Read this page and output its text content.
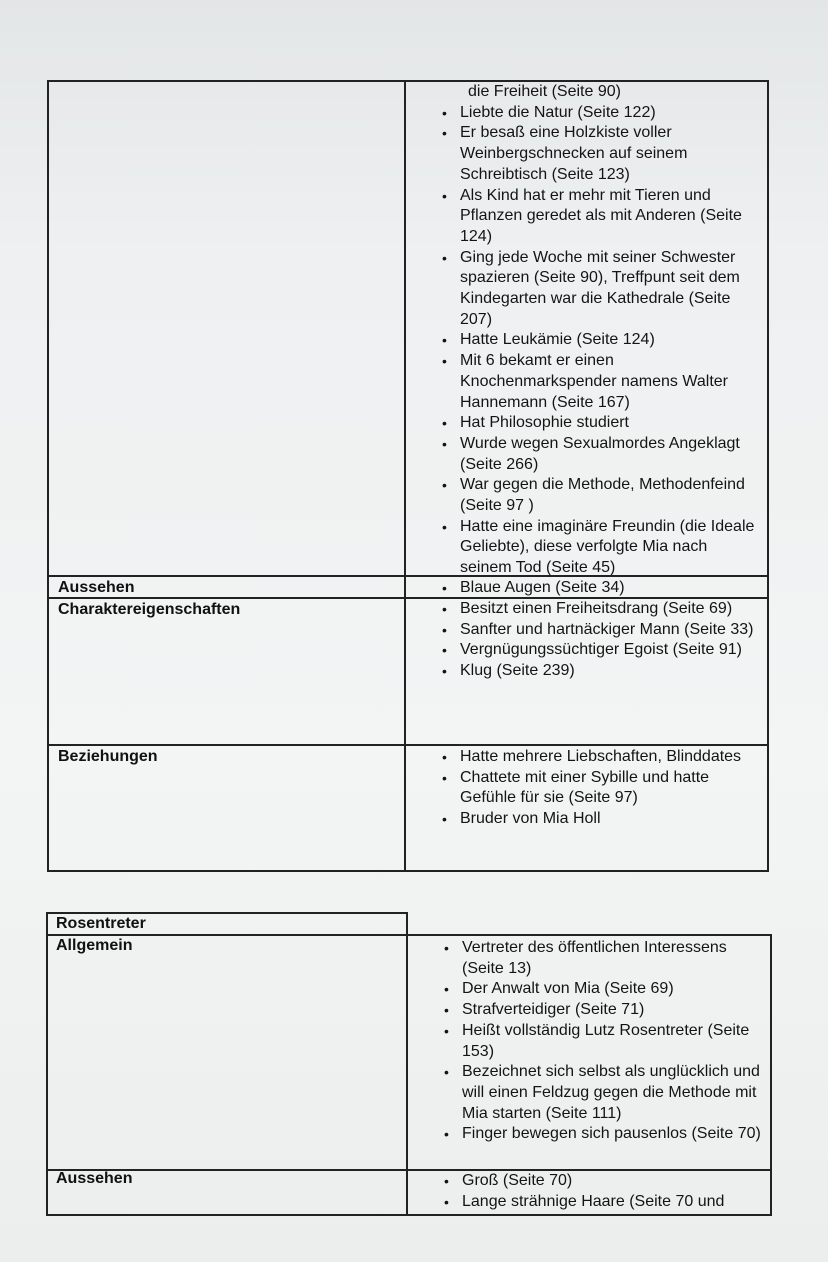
die Freiheit (Seite 90)
• Liebte die Natur (Seite 122)
• Er besaß eine Holzkiste voller Weinbergschnecken auf seinem Schreibtisch (Seite 123)
• Als Kind hat er mehr mit Tieren und Pflanzen geredet als mit Anderen (Seite 124)
• Ging jede Woche mit seiner Schwester spazieren (Seite 90), Treffpunt seit dem Kindegarten war die Kathedrale (Seite 207)
• Hatte Leukämie (Seite 124)
• Mit 6 bekamt er einen Knochenmarkspender namens Walter Hannemann (Seite 167)
• Hat Philosophie studiert
• Wurde wegen Sexualmordes Angeklagt (Seite 266)
• War gegen die Methode, Methodenfeind (Seite 97 )
• Hatte eine imaginäre Freundin (die Ideale Geliebte), diese verfolgte Mia nach seinem Tod (Seite 45)
Aussehen	• Blaue Augen (Seite 34)
Charaktereigenschaften	• Besitzt einen Freiheitsdrang (Seite 69)
• Sanfter und hartnäckiger Mann (Seite 33)
• Vergnügungssüchtiger Egoist (Seite 91)
• Klug (Seite 239)
Beziehungen	• Hatte mehrere Liebschaften, Blinddates
• Chattete mit einer Sybille und hatte Gefühle für sie (Seite 97)
• Bruder von Mia Holl
Rosentreter
Allgemein	• Vertreter des öffentlichen Interessens (Seite 13)
• Der Anwalt von Mia (Seite 69)
• Strafverteidiger (Seite 71)
• Heißt vollständig Lutz Rosentreter (Seite 153)
• Bezeichnet sich selbst als unglücklich und will einen Feldzug gegen die Methode mit Mia starten (Seite 111)
• Finger bewegen sich pausenlos (Seite 70)
Aussehen	• Groß (Seite 70)
• Lange strähnige Haare (Seite 70 und
